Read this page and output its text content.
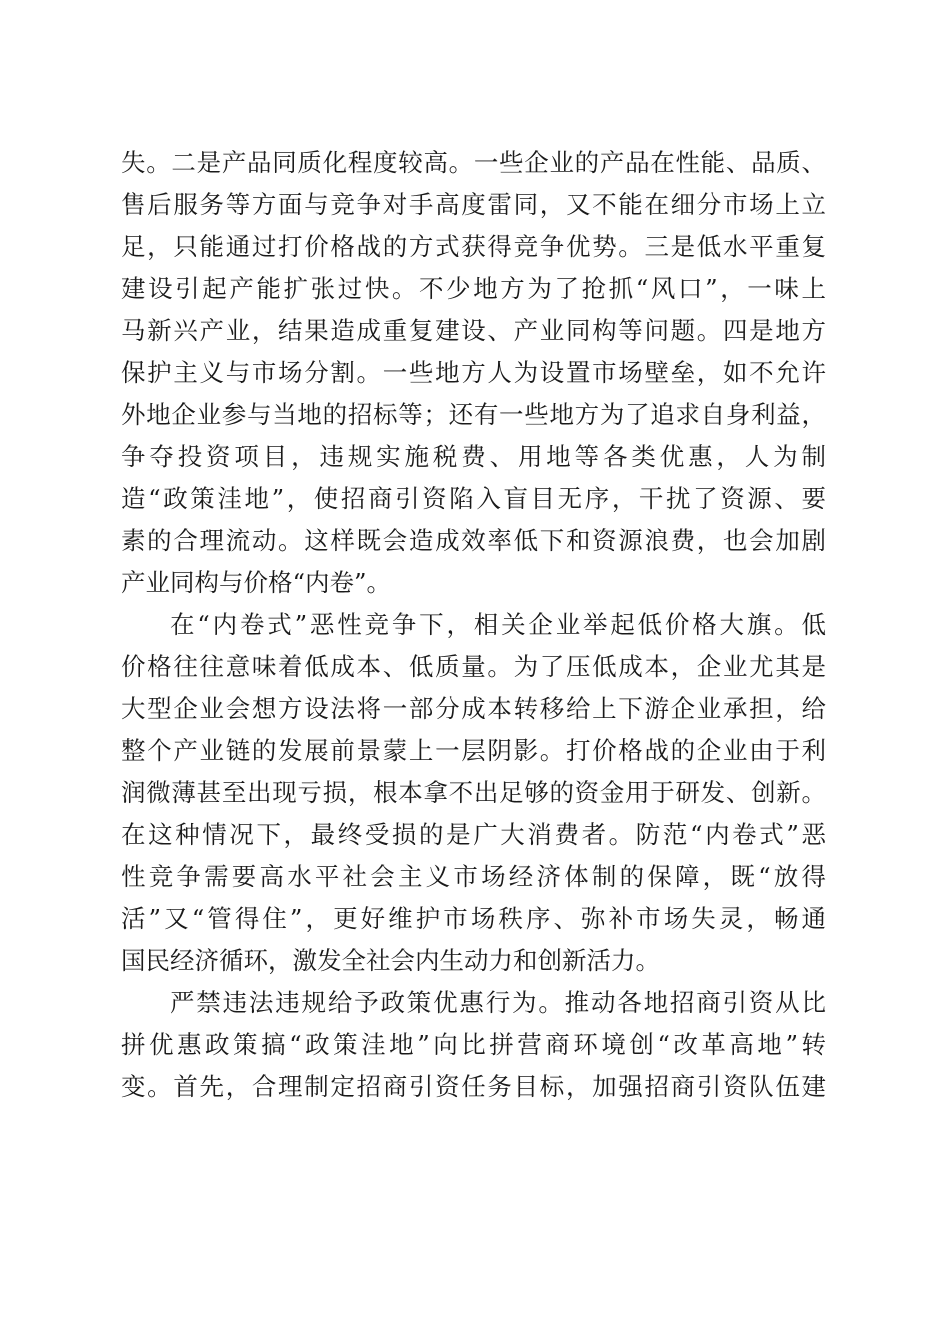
失。二是产品同质化程度较高。一些企业的产品在性能、品质、
售后服务等方面与竞争对手高度雷同，又不能在细分市场上立
足，只能通过打价格战的方式获得竞争优势。三是低水平重复
建设引起产能扩张过快。不少地方为了抢抓“风口”，一味上
马新兴产业，结果造成重复建设、产业同构等问题。四是地方
保护主义与市场分割。一些地方人为设置市场壁垒，如不允许
外地企业参与当地的招标等；还有一些地方为了追求自身利益，
争夺投资项目，违规实施税费、用地等各类优惠，人为制
造“政策洼地”，使招商引资陷入盲目无序，干扰了资源、要
素的合理流动。这样既会造成效率低下和资源浪费，也会加剧
产业同构与价格“内卷”。
在“内卷式”恶性竞争下，相关企业举起低价格大旗。低
价格往往意味着低成本、低质量。为了压低成本，企业尤其是
大型企业会想方设法将一部分成本转移给上下游企业承担，给
整个产业链的发展前景蒙上一层阴影。打价格战的企业由于利
润微薄甚至出现亏损，根本拿不出足够的资金用于研发、创新。
在这种情况下，最终受损的是广大消费者。防范“内卷式”恶
性竞争需要高水平社会主义市场经济体制的保障，既“放得
活”又“管得住”，更好维护市场秩序、弥补市场失灵，畅通
国民经济循环，激发全社会内生动力和创新活力。
严禁违法违规给予政策优惠行为。推动各地招商引资从比
拼优惠政策搞“政策洼地”向比拼营商环境创“改革高地”转
变。首先，合理制定招商引资任务目标，加强招商引资队伍建
